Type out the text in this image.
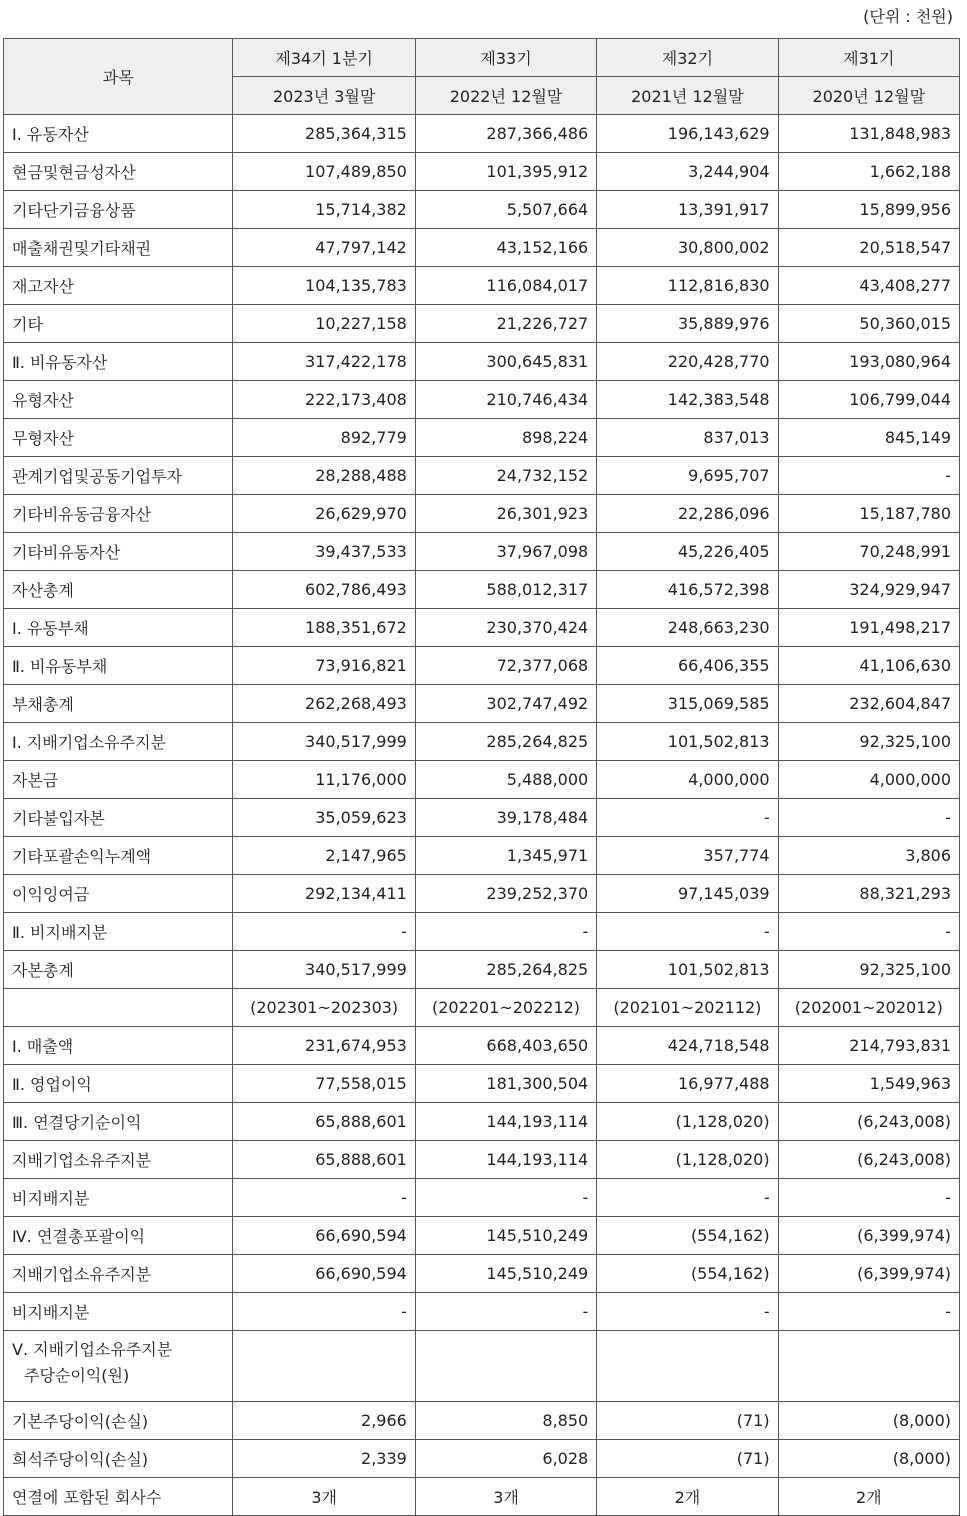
(단위 : 천원)
과목	제34기 1분기	제33기	제32기	제31기
	2023년 3월말	2022년 12월말	2021년 12월말	2020년 12월말
Ⅰ. 유동자산	285,364,315	287,366,486	196,143,629	131,848,983
현금및현금성자산	107,489,850	101,395,912	3,244,904	1,662,188
기타단기금융상품	15,714,382	5,507,664	13,391,917	15,899,956
매출채권및기타채권	47,797,142	43,152,166	30,800,002	20,518,547
재고자산	104,135,783	116,084,017	112,816,830	43,408,277
기타	10,227,158	21,226,727	35,889,976	50,360,015
Ⅱ. 비유동자산	317,422,178	300,645,831	220,428,770	193,080,964
유형자산	222,173,408	210,746,434	142,383,548	106,799,044
무형자산	892,779	898,224	837,013	845,149
관계기업및공동기업투자	28,288,488	24,732,152	9,695,707	-
기타비유동금융자산	26,629,970	26,301,923	22,286,096	15,187,780
기타비유동자산	39,437,533	37,967,098	45,226,405	70,248,991
자산총계	602,786,493	588,012,317	416,572,398	324,929,947
Ⅰ. 유동부채	188,351,672	230,370,424	248,663,230	191,498,217
Ⅱ. 비유동부채	73,916,821	72,377,068	66,406,355	41,106,630
부채총계	262,268,493	302,747,492	315,069,585	232,604,847
Ⅰ. 지배기업소유주지분	340,517,999	285,264,825	101,502,813	92,325,100
자본금	11,176,000	5,488,000	4,000,000	4,000,000
기타불입자본	35,059,623	39,178,484	-	-
기타포괄손익누계액	2,147,965	1,345,971	357,774	3,806
이익잉여금	292,134,411	239,252,370	97,145,039	88,321,293
Ⅱ. 비지배지분	-	-	-	-
자본총계	340,517,999	285,264,825	101,502,813	92,325,100
	(202301~202303)	(202201~202212)	(202101~202112)	(202001~202012)
Ⅰ. 매출액	231,674,953	668,403,650	424,718,548	214,793,831
Ⅱ. 영업이익	77,558,015	181,300,504	16,977,488	1,549,963
Ⅲ. 연결당기순이익	65,888,601	144,193,114	(1,128,020)	(6,243,008)
지배기업소유주지분	65,888,601	144,193,114	(1,128,020)	(6,243,008)
비지배지분	-	-	-	-
Ⅳ. 연결총포괄이익	66,690,594	145,510,249	(554,162)	(6,399,974)
지배기업소유주지분	66,690,594	145,510,249	(554,162)	(6,399,974)
비지배지분	-	-	-	-
Ⅴ. 지배기업소유주지분
주당순이익(원)				
기본주당이익(손실)	2,966	8,850	(71)	(8,000)
희석주당이익(손실)	2,339	6,028	(71)	(8,000)
연결에 포함된 회사수	3개	3개	2개	2개
